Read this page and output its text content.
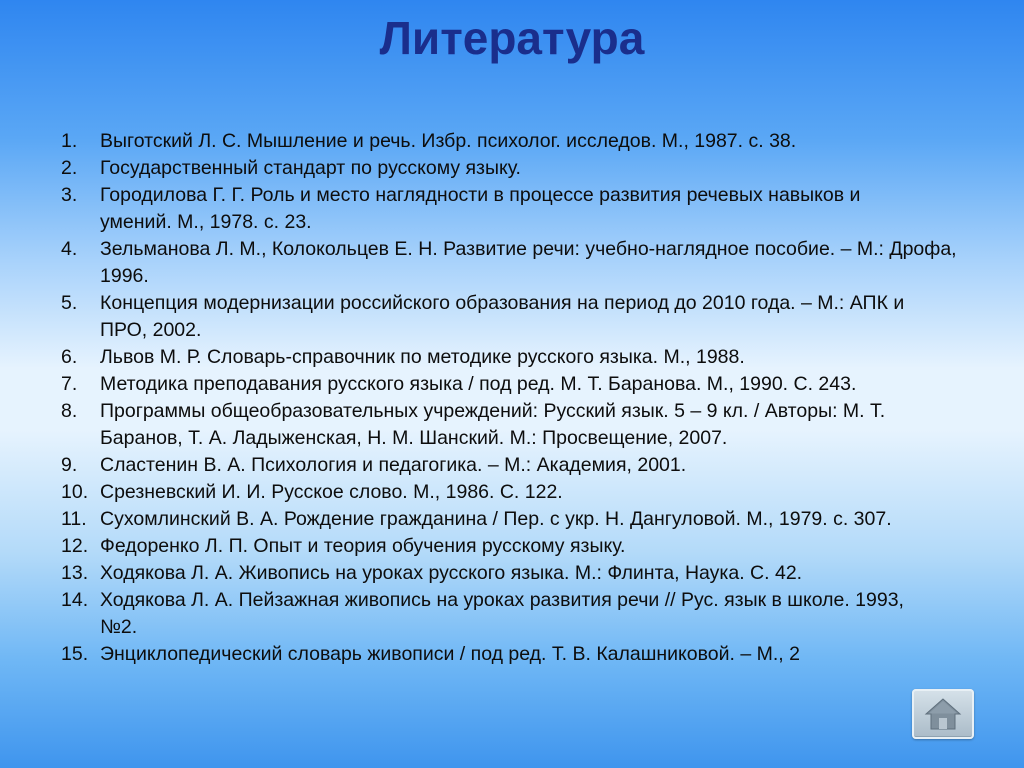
Литература
1.	Выготский Л. С. Мышление и речь. Избр. психолог. исследов. М., 1987. с. 38.
2.	Государственный стандарт по русскому языку.
3.	Городилова Г. Г. Роль и место наглядности в процессе развития речевых навыков и умений. М., 1978. с. 23.
4.	Зельманова Л. М., Колокольцев Е. Н. Развитие речи: учебно-наглядное пособие. – М.: Дрофа, 1996.
5.	Концепция модернизации российского образования на период до 2010 года. – М.: АПК и ПРО, 2002.
6.	Львов М. Р. Словарь-справочник по методике русского языка. М., 1988.
7.	Методика преподавания русского языка / под ред. М. Т. Баранова. М., 1990. С. 243.
8.	Программы общеобразовательных учреждений: Русский язык. 5 – 9 кл. / Авторы: М. Т. Баранов, Т. А. Ладыженская, Н. М. Шанский. М.: Просвещение, 2007.
9.	Сластенин В. А. Психология и педагогика. – М.: Академия, 2001.
10. Срезневский И. И. Русское слово. М., 1986. С. 122.
11. Сухомлинский В. А. Рождение гражданина / Пер. с укр. Н. Дангуловой. М., 1979. с. 307.
12. Федоренко Л. П. Опыт и теория обучения русскому языку.
13. Ходякова Л. А. Живопись на уроках русского языка. М.: Флинта, Наука. С. 42.
14. Ходякова Л. А. Пейзажная живопись на уроках развития речи // Рус. язык в школе. 1993, №2.
15. Энциклопедический словарь живописи / под ред. Т. В. Калашниковой. – М., 2
